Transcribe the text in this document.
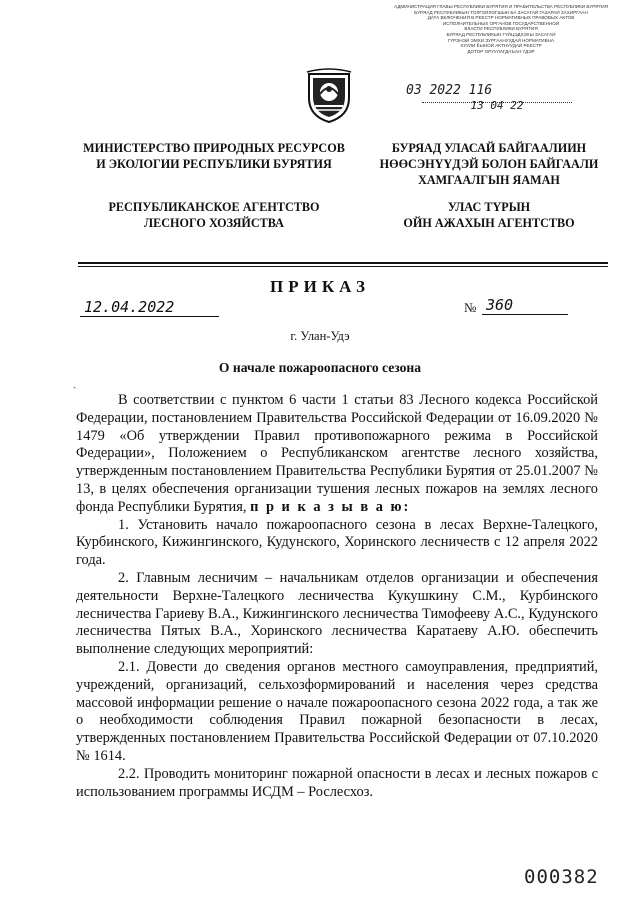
АДМИНИСТРАЦИЯ ГЛАВЫ РЕСПУБЛИКИ БУРЯТИЯ И ПРАВИТЕЛЬСТВА РЕСПУБЛИКИ БУРЯТИЯ
БУРЯАД РЕСПУБЛИКЫН ТОЛГОЙЛОГШЫН БА ЗАСАГАЙ ГАЗАРАЙ ЗАХИРГААН
ДАТА ВКЛЮЧЕНИЯ В РЕЕСТР НОРМАТИВНЫХ ПРАВОВЫХ АКТОВ
ИСПОЛНИТЕЛЬНЫХ ОРГАНОВ ГОСУДАРСТВЕННОЙ
ВЛАСТИ РЕСПУБЛИКИ БУРЯТИЯ
БУРЯАД РЕСПУБЛИКЫН ГҮЙЦЭДХЭХЫ ЗАСАГАЙ
ГҮРЭНЭЙ ЭМХИ ЗУРГААНУУДАЙ НОРМАТИВНА
ХУУЛИ ЁЫНОЙ АКТНУУДАЙ РЕЕСТР
ДОТОР ОРУУЛАГДАЪАН ҮДЭР
03 2022 116
13 04 22
МИНИСТЕРСТВО ПРИРОДНЫХ РЕСУРСОВ
И ЭКОЛОГИИ РЕСПУБЛИКИ БУРЯТИЯ
БУРЯАД УЛАСАЙ БАЙГААЛИИН
НӨӨСЭНҮҮДЭЙ БОЛОН БАЙГААЛИ
ХАМГААЛГЫН ЯАМАН
РЕСПУБЛИКАНСКОЕ АГЕНТСТВО
ЛЕСНОГО ХОЗЯЙСТВА
УЛАС ТҮРЫН
ОЙН АЖАХЫН АГЕНТСТВО
ПРИКАЗ
12.04.2022	№ 360
г. Улан-Удэ
О начале пожароопасного сезона
ˎ

В соответствии с пунктом 6 части 1 статьи 83 Лесного кодекса Российской Федерации, постановлением Правительства Российской Федерации от 16.09.2020 № 1479 «Об утверждении Правил противопожарного режима в Российской Федерации», Положением о Республиканском агентстве лесного хозяйства, утвержденным постановлением Правительства Республики Бурятия от 25.01.2007 № 13, в целях обеспечения организации тушения лесных пожаров на землях лесного фонда Республики Бурятия, п р и к а з ы в а ю:

1. Установить начало пожароопасного сезона в лесах Верхне-Талецкого, Курбинского, Кижингинского, Кудунского, Хоринского лесничеств с 12 апреля 2022 года.

2. Главным лесничим – начальникам отделов организации и обеспечения деятельности Верхне-Талецкого лесничества Кукушкину С.М., Курбинского лесничества Гариеву В.А., Кижингинского лесничества Тимофееву А.С., Кудунского лесничества Пятых В.А., Хоринского лесничества Каратаеву А.Ю. обеспечить выполнение следующих мероприятий:

2.1. Довести до сведения органов местного самоуправления, предприятий, учреждений, организаций, сельхозформирований и населения через средства массовой информации решение о начале пожароопасного сезона 2022 года, а так же о необходимости соблюдения Правил пожарной безопасности в лесах, утвержденных постановлением Правительства Российской Федерации от 07.10.2020 № 1614.

2.2. Проводить мониторинг пожарной опасности в лесах и лесных пожаров с использованием программы ИСДМ – Рослесхоз.

000382
